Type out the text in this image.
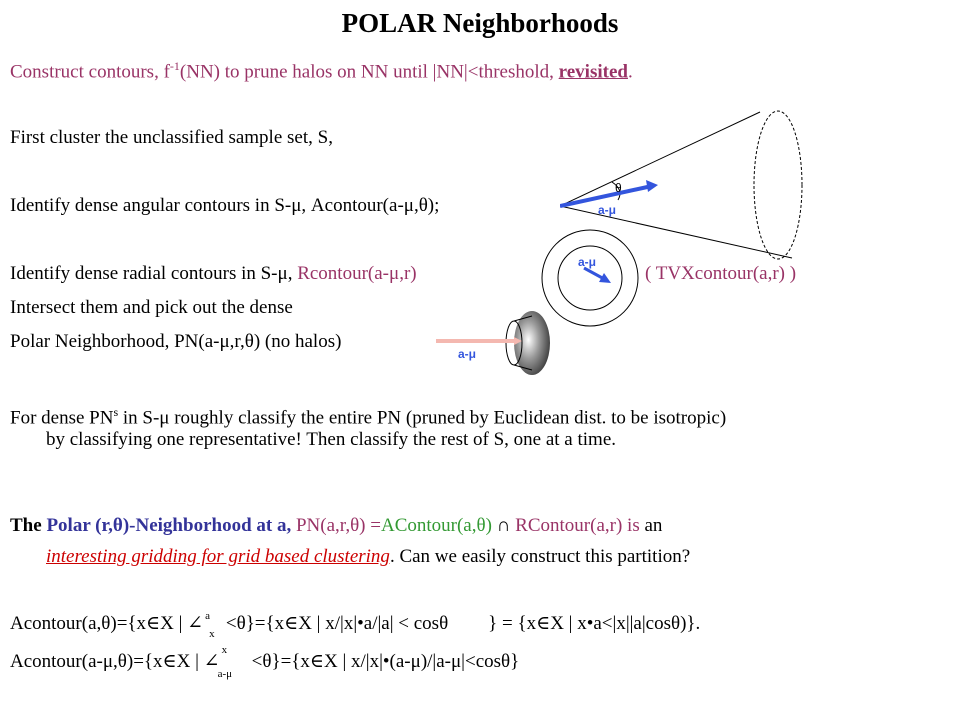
POLAR Neighborhoods
Construct contours, $f^{-1}(NN)$ to prune halos on NN until |NN|<threshold, revisited.
First cluster the unclassified sample set, S,
Identify dense angular contours in S-μ, Acontour(a-μ,θ);
Identify dense radial contours in S-μ, Rcontour(a-μ,r)	( TVXcontour(a,r) )
Intersect them and pick out the dense
Polar Neighborhood, PN(a-μ,r,θ) (no halos)
For dense $PN^s$ in S-μ roughly classify the entire PN (pruned by Euclidean dist. to be isotropic)
by classifying one representative! Then classify the rest of S, one at a time.
The Polar (r,θ)-Neighborhood at a, PN(a,r,θ) =AContour(a,θ) ∩ RContour(a,r) is an
interesting gridding for grid based clustering. Can we easily construct this partition?
Acontour(a,θ)={x∈X | ∠ a
x <θ}={x∈X | x/|x|•a/|a| < cosθ } = {x∈X | x•a<|x||a|cosθ)}.
Acontour(a-μ,θ)={x∈X | ∠
x
a-μ
<θ}={x∈X | x/|x|•(a-μ)/|a-μ|<cosθ}
θ
a-μ
a-μ
a-μ
